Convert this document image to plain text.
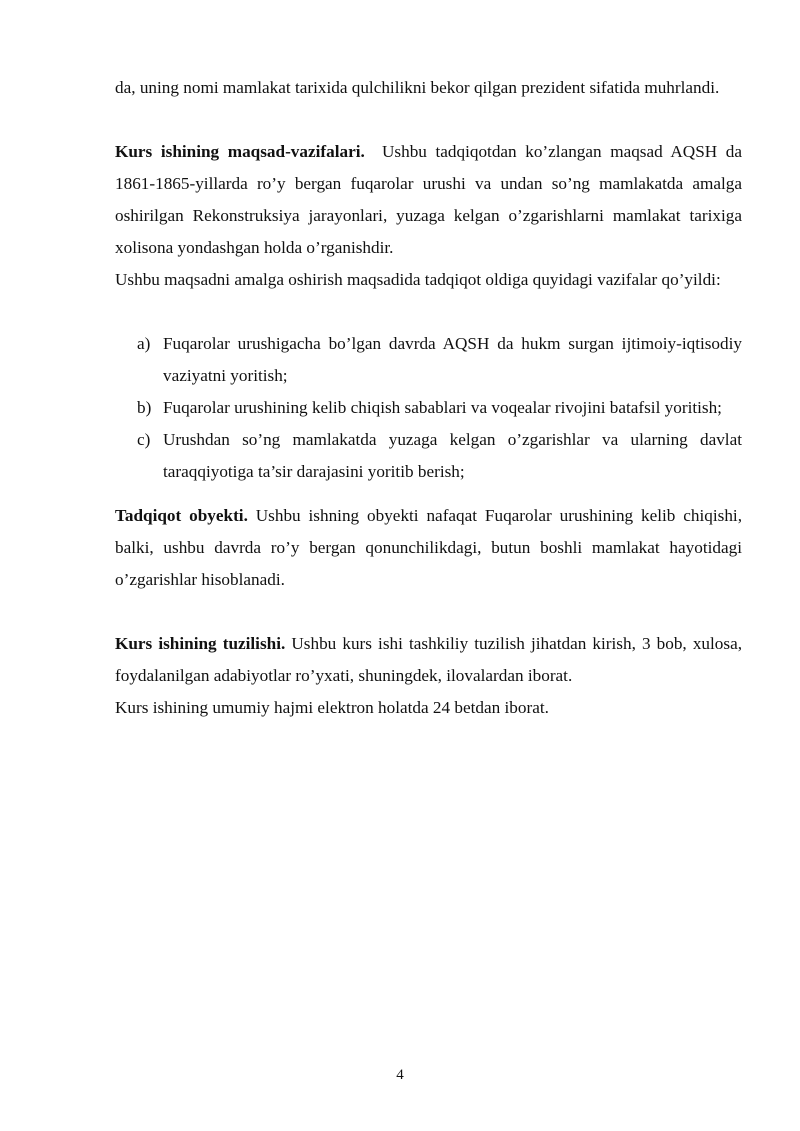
da, uning nomi mamlakat tarixida qulchilikni bekor qilgan prezident sifatida muhrlandi.

Kurs ishining maqsad-vazifalari. Ushbu tadqiqotdan ko’zlangan maqsad AQSH da 1861-1865-yillarda ro’y bergan fuqarolar urushi va undan so’ng mamlakatda amalga oshirilgan Rekonstruksiya jarayonlari, yuzaga kelgan o’zgarishlarni mamlakat tarixiga xolisona yondashgan holda o’rganishdir.

Ushbu maqsadni amalga oshirish maqsadida tadqiqot oldiga quyidagi vazifalar qo’yildi:

a) Fuqarolar urushigacha bo’lgan davrda AQSH da hukm surgan ijtimoiy-iqtisodiy vaziyatni yoritish;
b) Fuqarolar urushining kelib chiqish sabablari va voqealar rivojini batafsil yoritish;
c) Urushdan so’ng mamlakatda yuzaga kelgan o’zgarishlar va ularning davlat taraqqiyotiga ta’sir darajasini yoritib berish;

Tadqiqot obyekti. Ushbu ishning obyekti nafaqat Fuqarolar urushining kelib chiqishi, balki, ushbu davrda ro’y bergan qonunchilikdagi, butun boshli mamlakat hayotidagi o’zgarishlar hisoblanadi.

Kurs ishining tuzilishi. Ushbu kurs ishi tashkiliy tuzilish jihatdan kirish, 3 bob, xulosa, foydalanilgan adabiyotlar ro’yxati, shuningdek, ilovalardan iborat.

Kurs ishining umumiy hajmi elektron holatda 24 betdan iborat.

4
